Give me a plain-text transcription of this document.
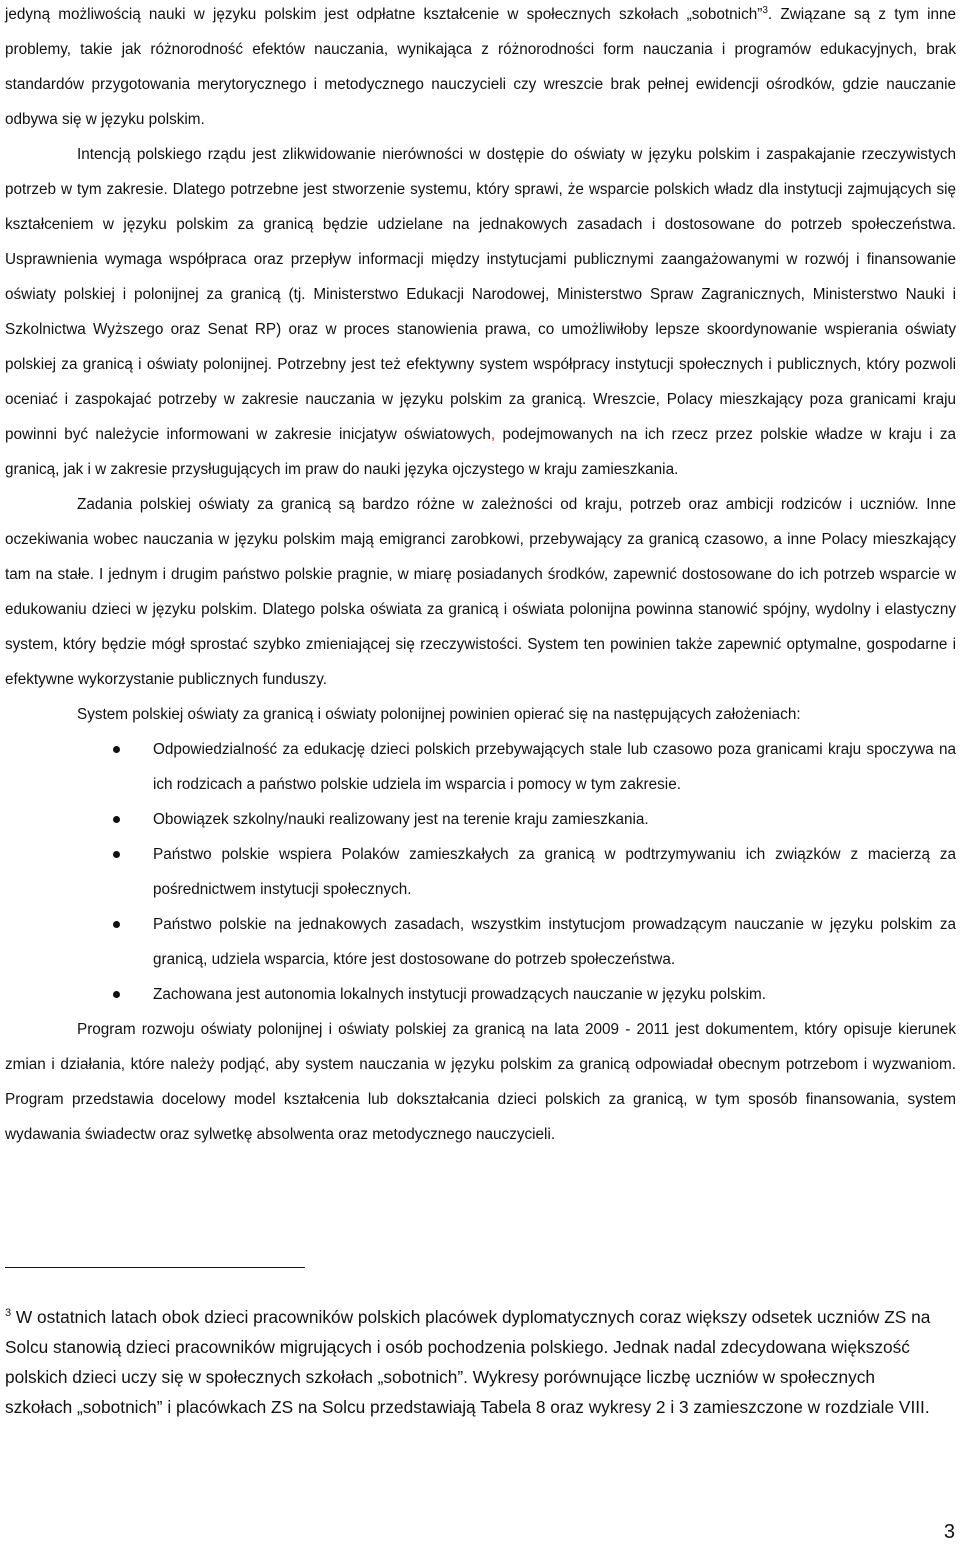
jedyną możliwością nauki w języku polskim jest odpłatne kształcenie w społecznych szkołach „sobotnich”$^3$. Związane są z tym inne problemy, takie jak różnorodność efektów nauczania, wynikająca z różnorodności form nauczania i programów edukacyjnych, brak standardów przygotowania merytorycznego i metodycznego nauczycieli czy wreszcie brak pełnej ewidencji ośrodków, gdzie nauczanie odbywa się w języku polskim.

Intencją polskiego rządu jest zlikwidowanie nierówności w dostępie do oświaty w języku polskim i zaspakajanie rzeczywistych potrzeb w tym zakresie. Dlatego potrzebne jest stworzenie systemu, który sprawi, że wsparcie polskich władz dla instytucji zajmujących się kształceniem w języku polskim za granicą będzie udzielane na jednakowych zasadach i dostosowane do potrzeb społeczeństwa. Usprawnienia wymaga współpraca oraz przepływ informacji między instytucjami publicznymi zaangażowanymi w rozwój i finansowanie oświaty polskiej i polonijnej za granicą (tj. Ministerstwo Edukacji Narodowej, Ministerstwo Spraw Zagranicznych, Ministerstwo Nauki i Szkolnictwa Wyższego oraz Senat RP) oraz w proces stanowienia prawa, co umożliwiłoby lepsze skoordynowanie wspierania oświaty polskiej za granicą i oświaty polonijnej. Potrzebny jest też efektywny system współpracy instytucji społecznych i publicznych, który pozwoli oceniać i zaspokajać potrzeby w zakresie nauczania w języku polskim za granicą. Wreszcie, Polacy mieszkający poza granicami kraju powinni być należycie informowani w zakresie inicjatyw oświatowych, podejmowanych na ich rzecz przez polskie władze w kraju i za granicą, jak i w zakresie przysługujących im praw do nauki języka ojczystego w kraju zamieszkania.

Zadania polskiej oświaty za granicą są bardzo różne w zależności od kraju, potrzeb oraz ambicji rodziców i uczniów. Inne oczekiwania wobec nauczania w języku polskim mają emigranci zarobkowi, przebywający za granicą czasowo, a inne Polacy mieszkający tam na stałe. I jednym i drugim państwo polskie pragnie, w miarę posiadanych środków, zapewnić dostosowane do ich potrzeb wsparcie w edukowaniu dzieci w języku polskim. Dlatego polska oświata za granicą i oświata polonijna powinna stanowić spójny, wydolny i elastyczny system, który będzie mógł sprostać szybko zmieniającej się rzeczywistości. System ten powinien także zapewnić optymalne, gospodarne i efektywne wykorzystanie publicznych funduszy.

System polskiej oświaty za granicą i oświaty polonijnej powinien opierać się na następujących założeniach:

Odpowiedzialność za edukację dzieci polskich przebywających stale lub czasowo poza granicami kraju spoczywa na ich rodzicach a państwo polskie udziela im wsparcia i pomocy w tym zakresie.
Obowiązek szkolny/nauki realizowany jest na terenie kraju zamieszkania.
Państwo polskie wspiera Polaków zamieszkałych za granicą w podtrzymywaniu ich związków z macierzą za pośrednictwem instytucji społecznych.
Państwo polskie na jednakowych zasadach, wszystkim instytucjom prowadzącym nauczanie w języku polskim za granicą, udziela wsparcia, które jest dostosowane do potrzeb społeczeństwa.
Zachowana jest autonomia lokalnych instytucji prowadzących nauczanie w języku polskim.

Program rozwoju oświaty polonijnej i oświaty polskiej za granicą na lata 2009 - 2011 jest dokumentem, który opisuje kierunek zmian i działania, które należy podjąć, aby system nauczania w języku polskim za granicą odpowiadał obecnym potrzebom i wyzwaniom. Program przedstawia docelowy model kształcenia lub dokształcania dzieci polskich za granicą, w tym sposób finansowania, system wydawania świadectw oraz sylwetkę absolwenta oraz metodycznego nauczycieli.

$^3$ W ostatnich latach obok dzieci pracowników polskich placówek dyplomatycznych coraz większy odsetek uczniów ZS na Solcu stanowią dzieci pracowników migrujących i osób pochodzenia polskiego. Jednak nadal zdecydowana większość polskich dzieci uczy się w społecznych szkołach „sobotnich”. Wykresy porównujące liczbę uczniów w społecznych szkołach „sobotnich” i placówkach ZS na Solcu przedstawiają Tabela 8 oraz wykresy 2 i 3 zamieszczone w rozdziale VIII.

3
